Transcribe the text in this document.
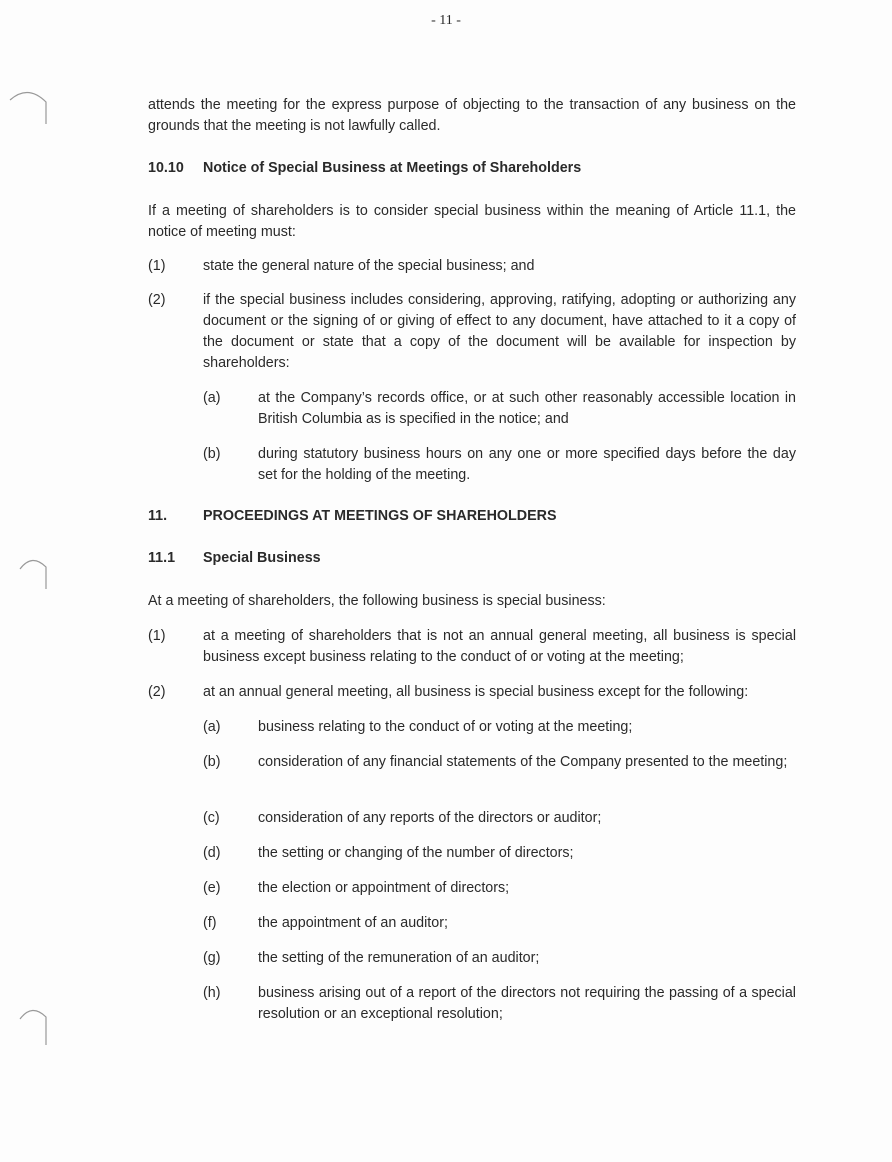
- 11 -
attends the meeting for the express purpose of objecting to the transaction of any business on the grounds that the meeting is not lawfully called.
10.10 Notice of Special Business at Meetings of Shareholders
If a meeting of shareholders is to consider special business within the meaning of Article 11.1, the notice of meeting must:
(1)	state the general nature of the special business; and
(2)	if the special business includes considering, approving, ratifying, adopting or authorizing any document or the signing of or giving of effect to any document, have attached to it a copy of the document or state that a copy of the document will be available for inspection by shareholders:
(a)	at the Company’s records office, or at such other reasonably accessible location in British Columbia as is specified in the notice; and
(b)	during statutory business hours on any one or more specified days before the day set for the holding of the meeting.
11.	PROCEEDINGS AT MEETINGS OF SHAREHOLDERS
11.1 Special Business
At a meeting of shareholders, the following business is special business:
(1)	at a meeting of shareholders that is not an annual general meeting, all business is special business except business relating to the conduct of or voting at the meeting;
(2)	at an annual general meeting, all business is special business except for the following:
(a)	business relating to the conduct of or voting at the meeting;
(b)	consideration of any financial statements of the Company presented to the meeting;
(c)	consideration of any reports of the directors or auditor;
(d)	the setting or changing of the number of directors;
(e)	the election or appointment of directors;
(f)	the appointment of an auditor;
(g)	the setting of the remuneration of an auditor;
(h)	business arising out of a report of the directors not requiring the passing of a special resolution or an exceptional resolution;
